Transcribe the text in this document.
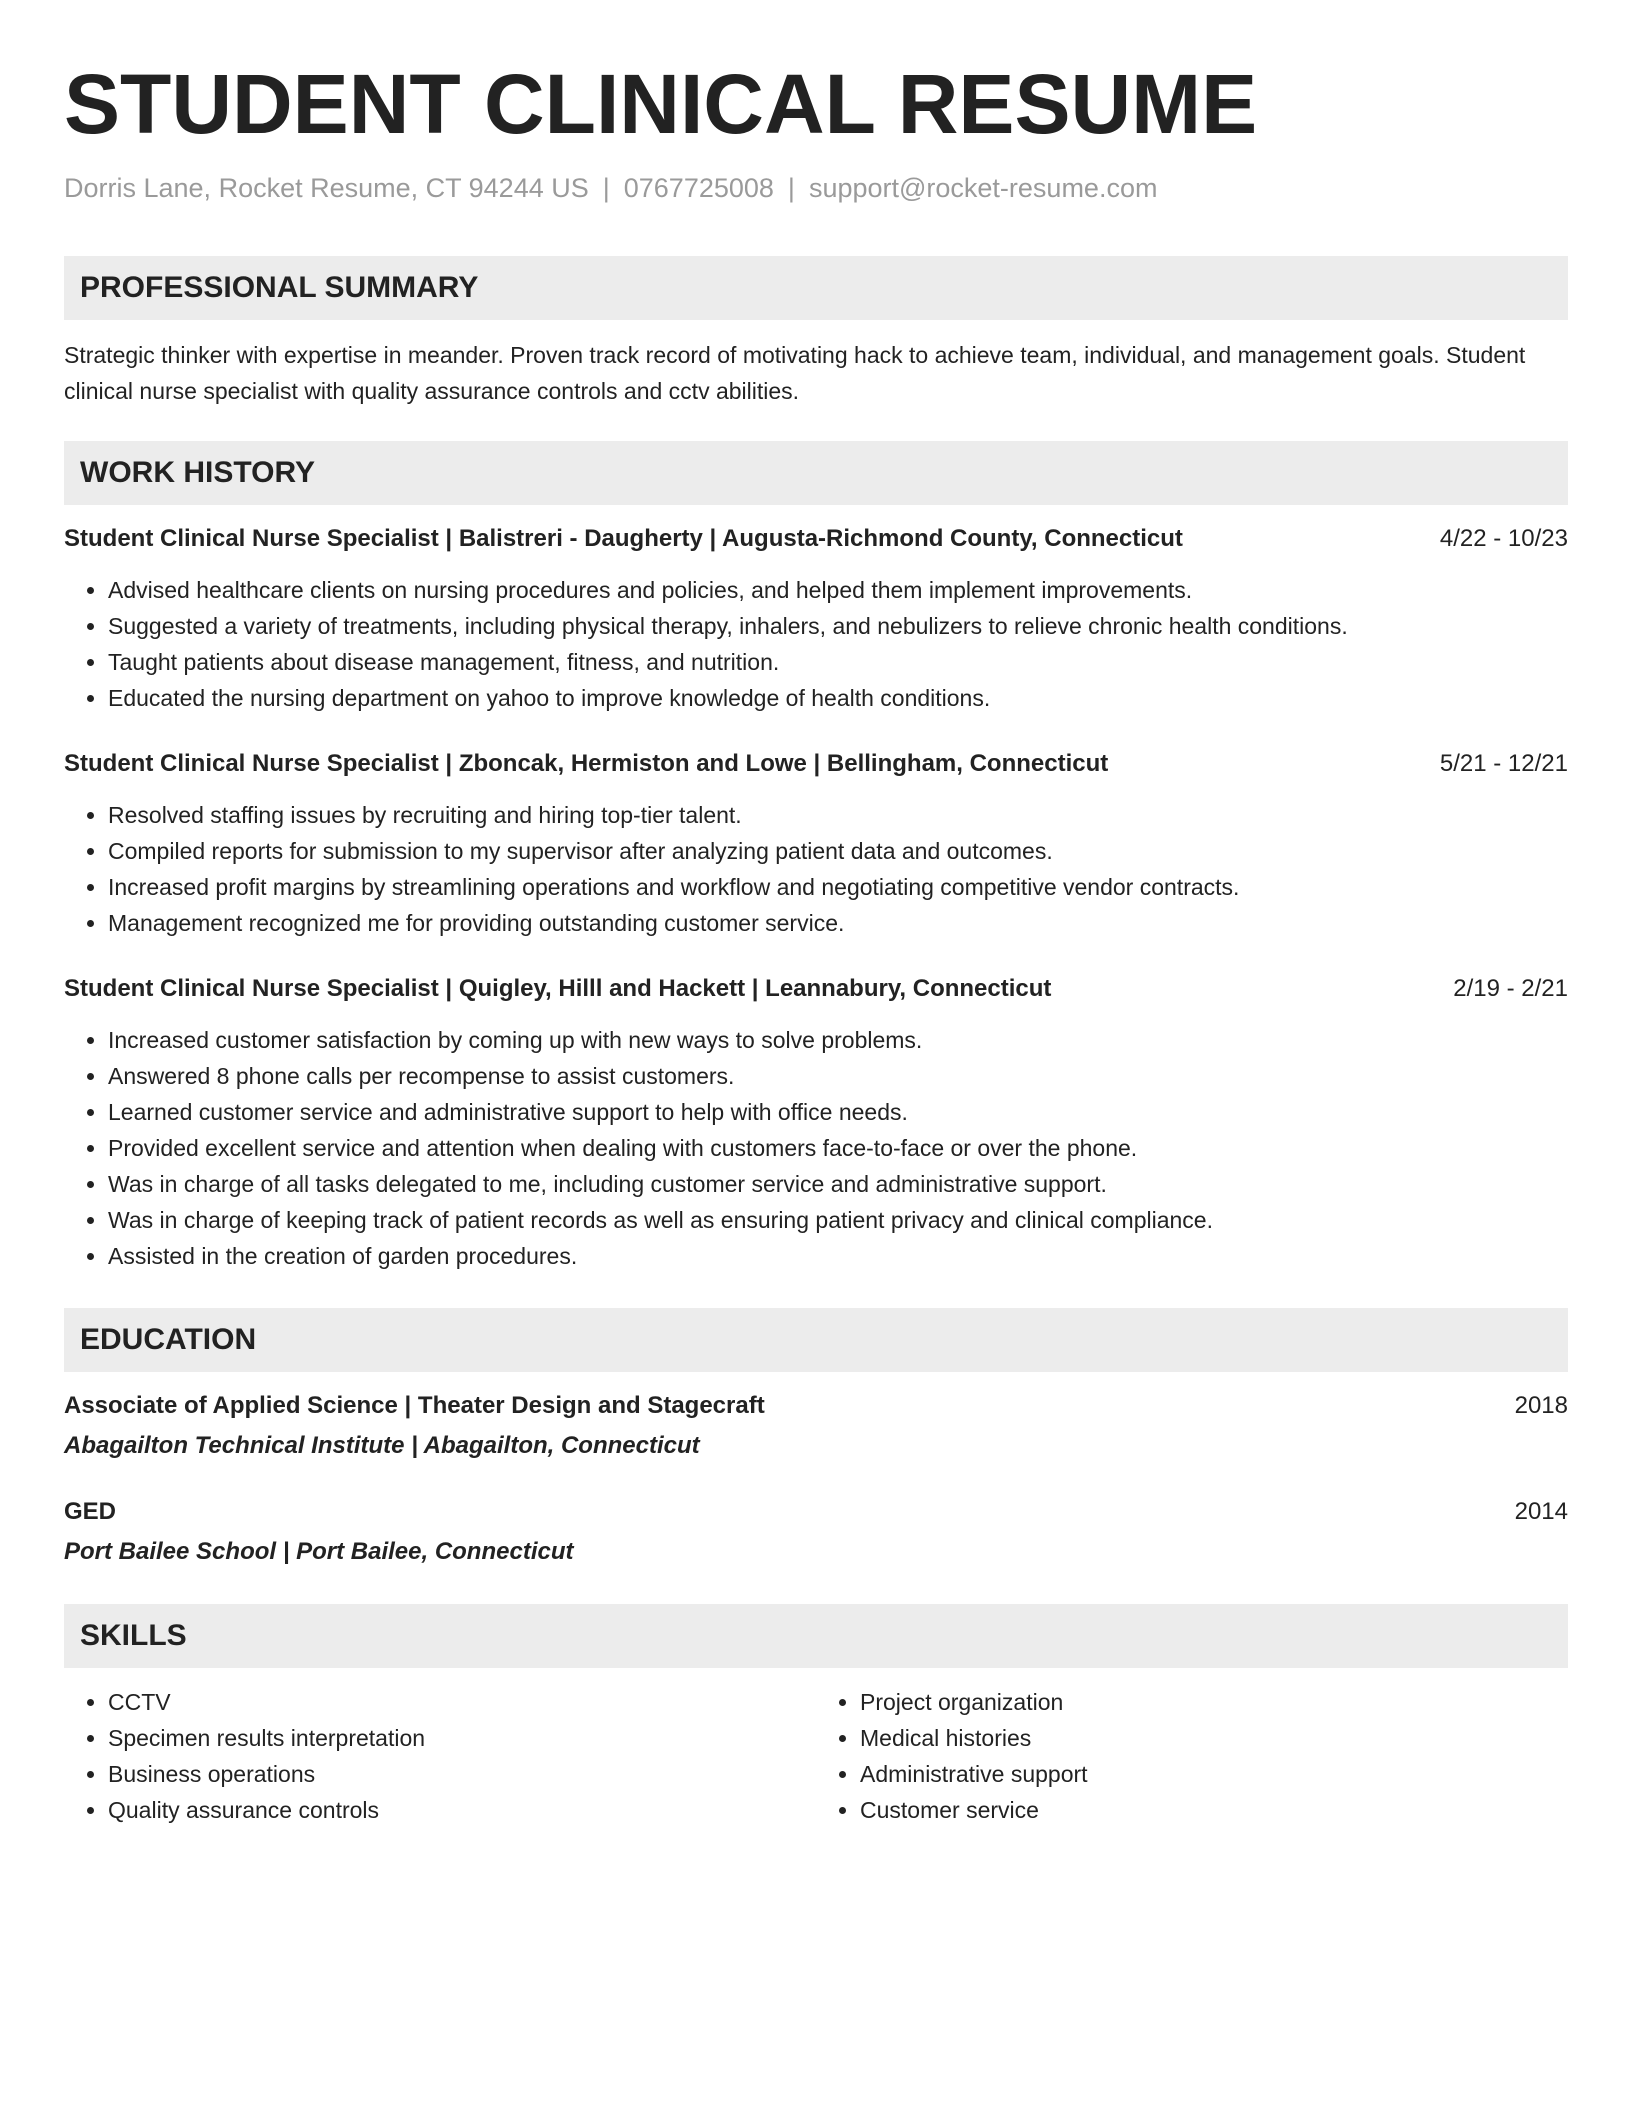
STUDENT CLINICAL RESUME
Dorris Lane, Rocket Resume, CT 94244 US | 0767725008 | support@rocket-resume.com
PROFESSIONAL SUMMARY
Strategic thinker with expertise in meander. Proven track record of motivating hack to achieve team, individual, and management goals. Student clinical nurse specialist with quality assurance controls and cctv abilities.
WORK HISTORY
Student Clinical Nurse Specialist | Balistreri - Daugherty | Augusta-Richmond County, Connecticut	4/22 - 10/23
• Advised healthcare clients on nursing procedures and policies, and helped them implement improvements.
• Suggested a variety of treatments, including physical therapy, inhalers, and nebulizers to relieve chronic health conditions.
• Taught patients about disease management, fitness, and nutrition.
• Educated the nursing department on yahoo to improve knowledge of health conditions.
Student Clinical Nurse Specialist | Zboncak, Hermiston and Lowe | Bellingham, Connecticut	5/21 - 12/21
• Resolved staffing issues by recruiting and hiring top-tier talent.
• Compiled reports for submission to my supervisor after analyzing patient data and outcomes.
• Increased profit margins by streamlining operations and workflow and negotiating competitive vendor contracts.
• Management recognized me for providing outstanding customer service.
Student Clinical Nurse Specialist | Quigley, Hilll and Hackett | Leannabury, Connecticut	2/19 - 2/21
• Increased customer satisfaction by coming up with new ways to solve problems.
• Answered 8 phone calls per recompense to assist customers.
• Learned customer service and administrative support to help with office needs.
• Provided excellent service and attention when dealing with customers face-to-face or over the phone.
• Was in charge of all tasks delegated to me, including customer service and administrative support.
• Was in charge of keeping track of patient records as well as ensuring patient privacy and clinical compliance.
• Assisted in the creation of garden procedures.
EDUCATION
Associate of Applied Science | Theater Design and Stagecraft	2018
Abagailton Technical Institute | Abagailton, Connecticut
GED	2014
Port Bailee School | Port Bailee, Connecticut
SKILLS
• CCTV
• Specimen results interpretation
• Business operations
• Quality assurance controls
• Project organization
• Medical histories
• Administrative support
• Customer service
